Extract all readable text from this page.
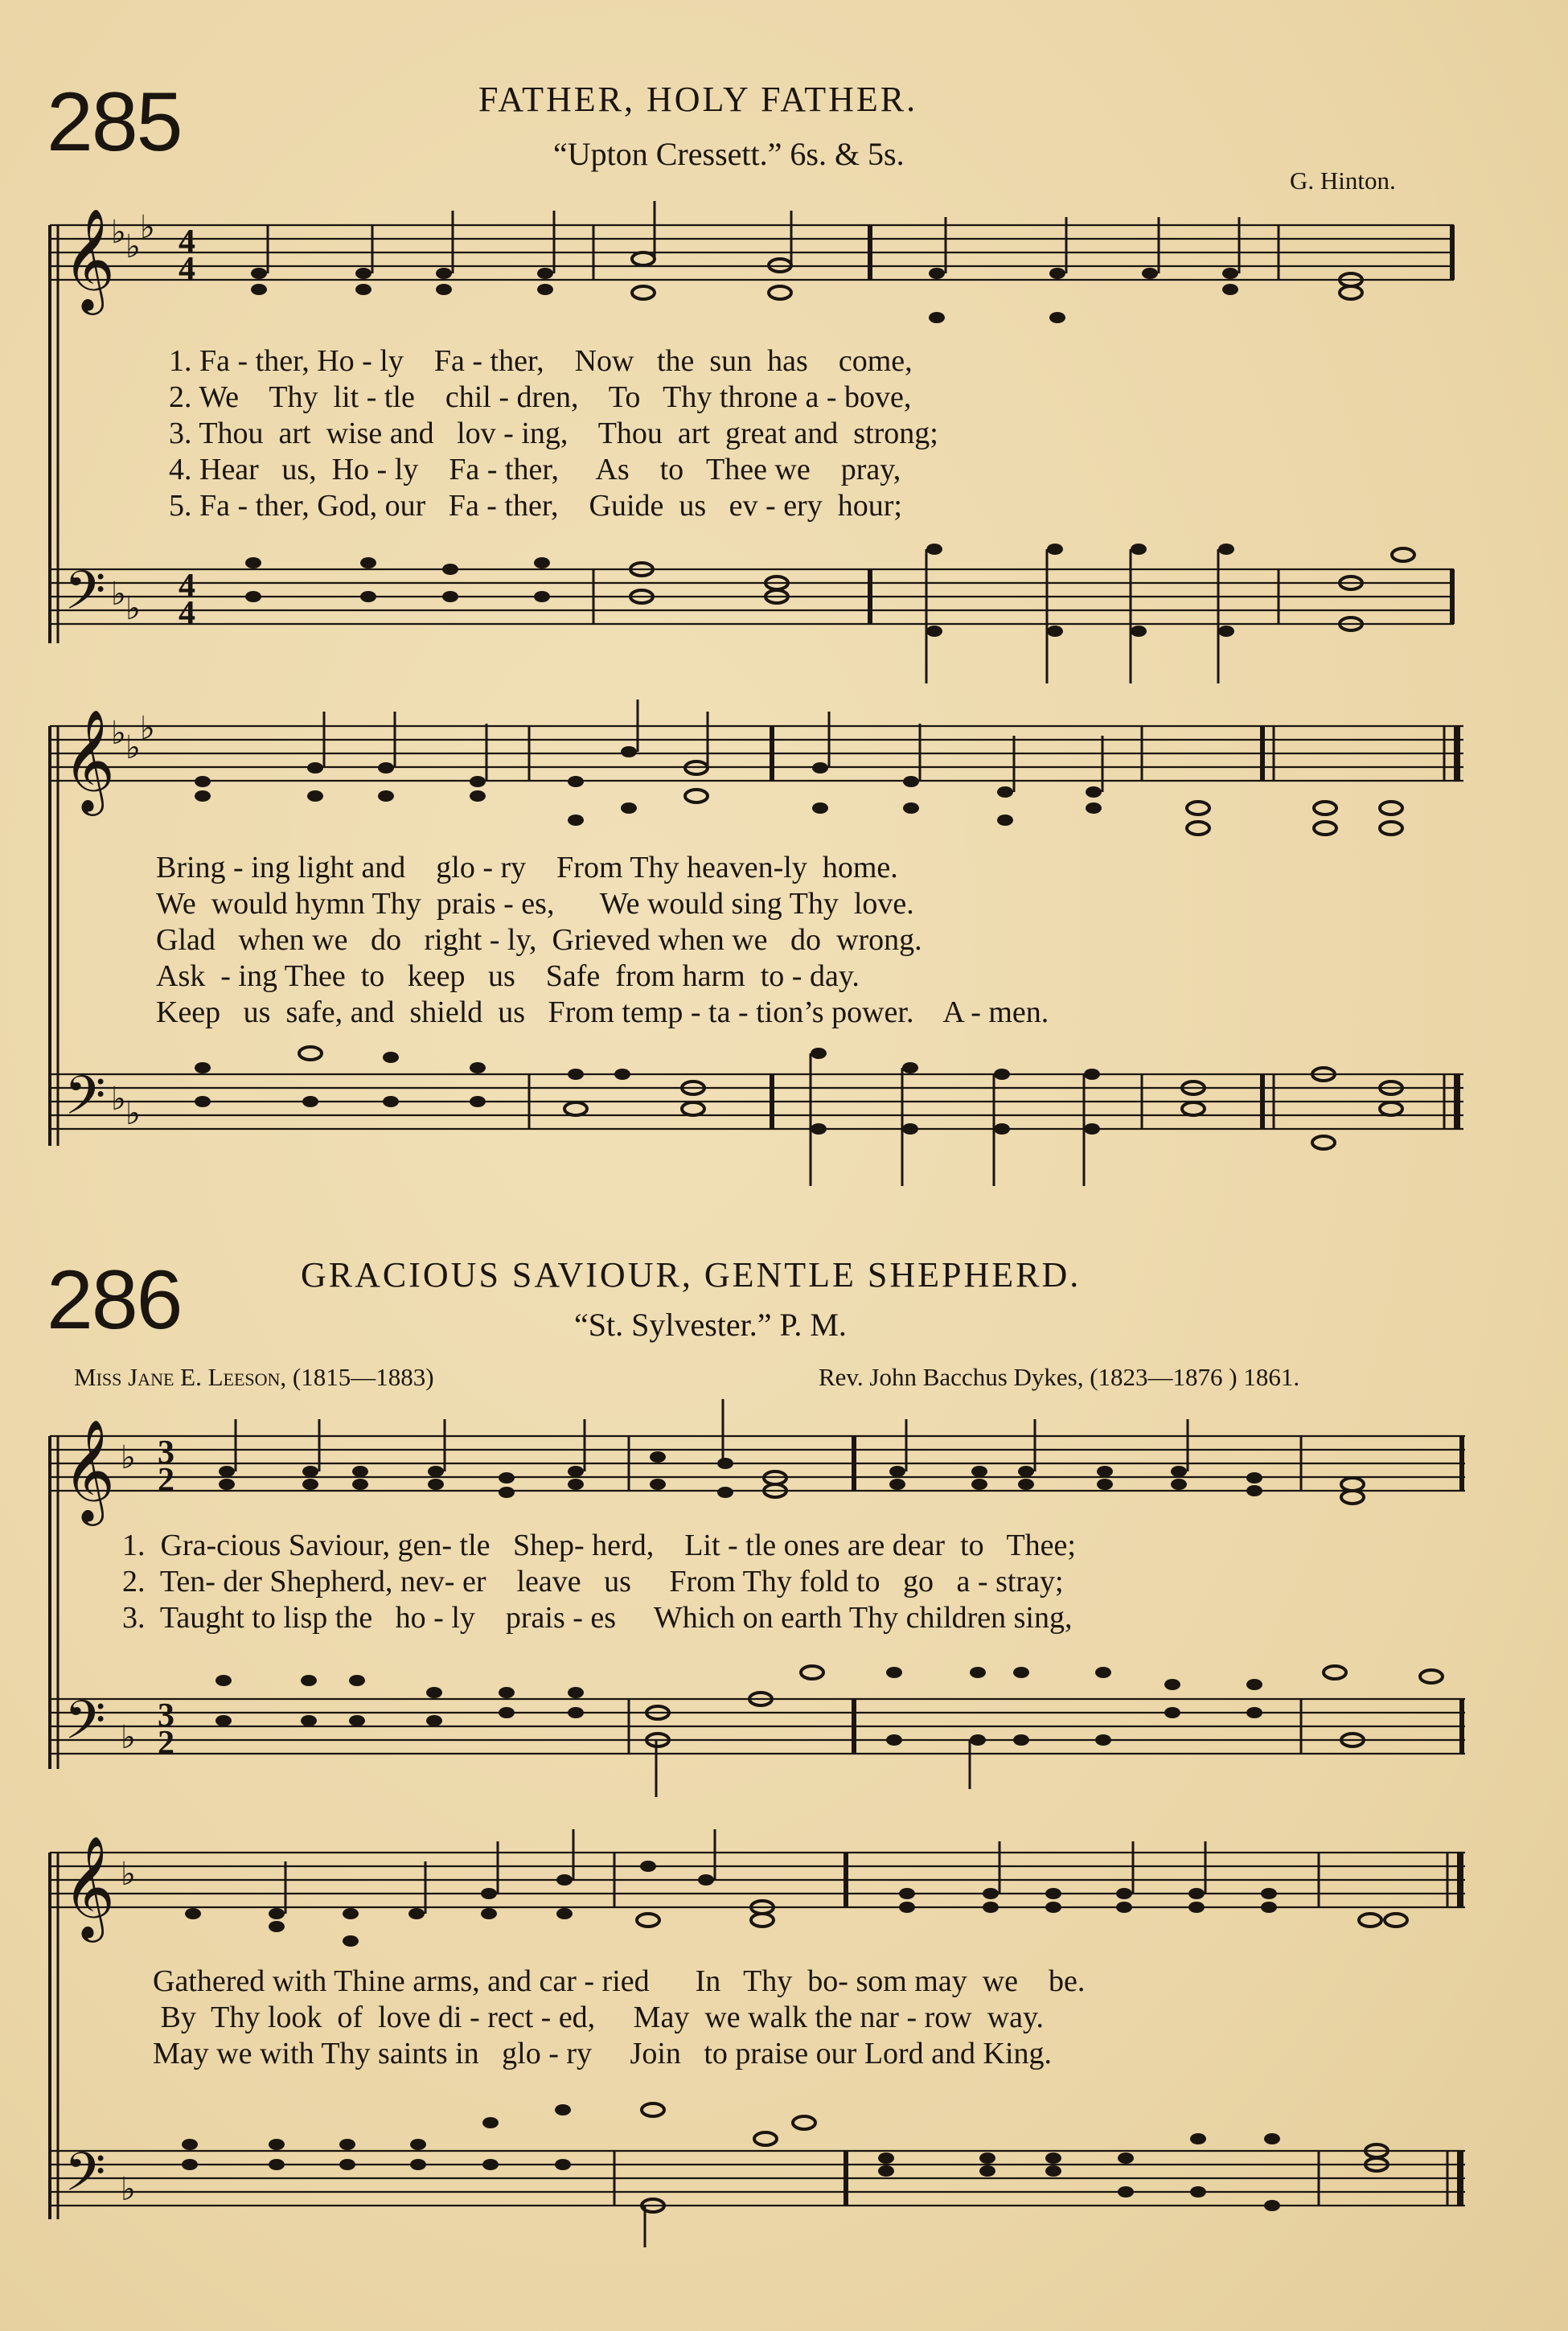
285	FATHER, HOLY FATHER.
“Upton Cressett.” 6s. & 5s.
G. Hinton.
𝄞
𝄢
♭ ♭
♭
♭ ♭
4
4
4
4
𝄞
𝄢
♭ ♭
♭
♭ ♭
𝄞
𝄢
♭
♭
3
2
3
2
𝄞
𝄢
♭
♭
1. Fa - ther, Ho - ly    Fa - ther,    Now   the  sun  has    come,
2. We    Thy  lit - tle    chil - dren,    To   Thy throne a - bove,
3. Thou  art  wise and   lov - ing,    Thou  art  great and  strong;
4. Hear   us,  Ho - ly    Fa - ther,     As    to   Thee we    pray,
5. Fa - ther, God, our   Fa - ther,    Guide  us   ev - ery  hour;
Bring - ing light and    glo - ry    From Thy heaven-ly  home.
We  would hymn Thy  prais - es,      We would sing Thy  love.
Glad   when we   do   right - ly,  Grieved when we   do  wrong.
Ask  - ing Thee  to   keep   us    Safe  from harm  to - day.
Keep   us  safe, and  shield  us   From temp - ta - tion’s power.    A - men.
286	GRACIOUS SAVIOUR, GENTLE SHEPHERD.
“St. Sylvester.” P. M.
Miss Jane E. Leeson, (1815—1883)	Rev. John Bacchus Dykes, (1823—1876 ) 1861.
1.  Gra-cious Saviour, gen- tle   Shep- herd,    Lit - tle ones are dear  to   Thee;
2.  Ten- der Shepherd, nev- er    leave   us     From Thy fold to   go   a - stray;
3.  Taught to lisp the   ho - ly    prais - es     Which on earth Thy children sing,
Gathered with Thine arms, and car - ried      In   Thy  bo- som may  we    be.
By  Thy look  of  love di - rect - ed,     May  we walk the nar - row  way.
May we with Thy saints in   glo - ry     Join   to praise our Lord and King.
